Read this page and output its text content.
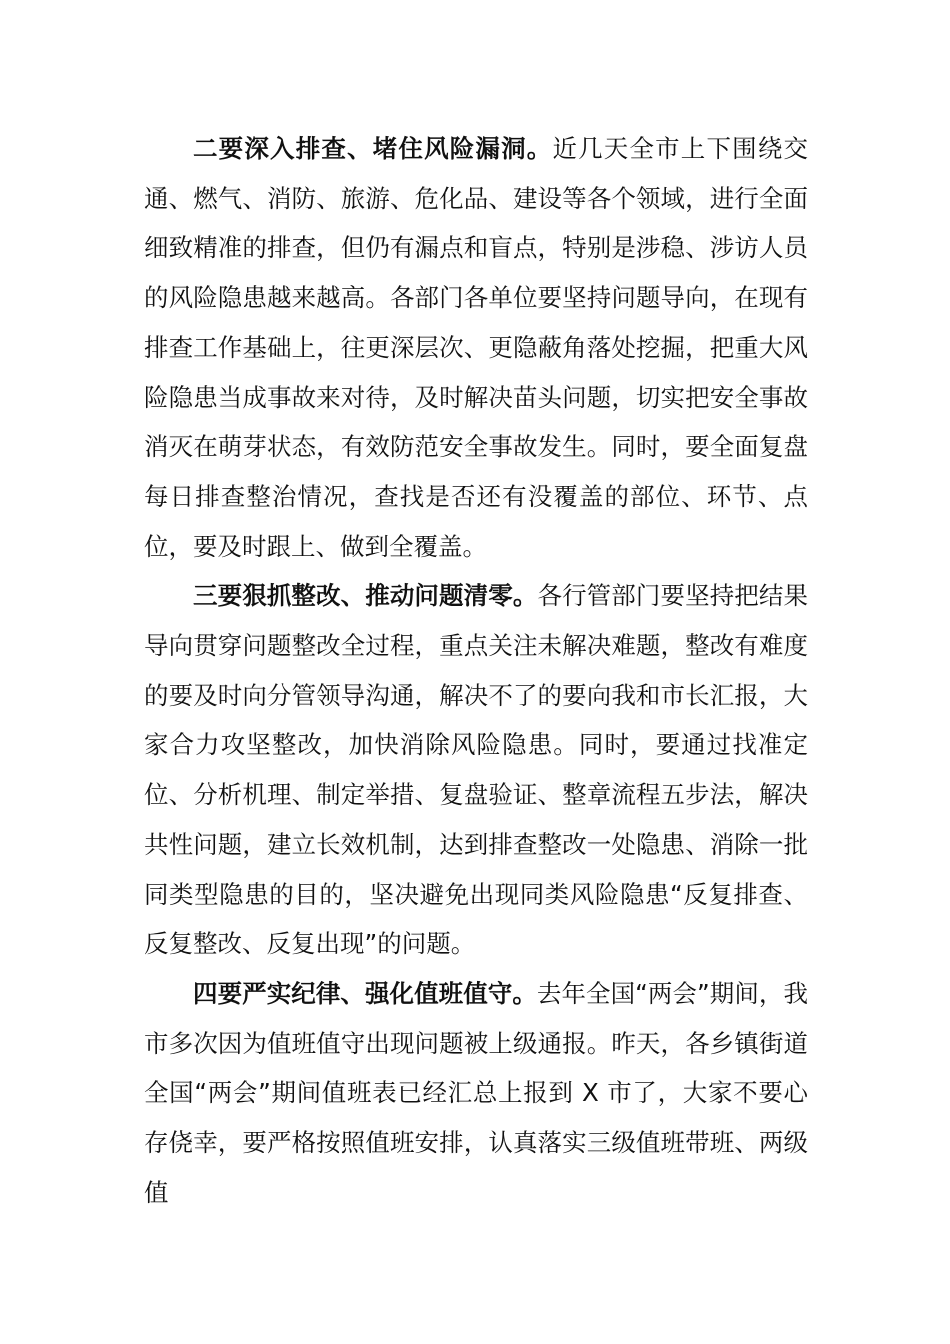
二要深入排查、堵住风险漏洞。近几天全市上下围绕交通、燃气、消防、旅游、危化品、建设等各个领域，进行全面细致精准的排查，但仍有漏点和盲点，特别是涉稳、涉访人员的风险隐患越来越高。各部门各单位要坚持问题导向，在现有排查工作基础上，往更深层次、更隐蔽角落处挖掘，把重大风险隐患当成事故来对待，及时解决苗头问题，切实把安全事故消灭在萌芽状态，有效防范安全事故发生。同时，要全面复盘每日排查整治情况，查找是否还有没覆盖的部位、环节、点位，要及时跟上、做到全覆盖。

三要狠抓整改、推动问题清零。各行管部门要坚持把结果导向贯穿问题整改全过程，重点关注未解决难题，整改有难度的要及时向分管领导沟通，解决不了的要向我和市长汇报，大家合力攻坚整改，加快消除风险隐患。同时，要通过找准定位、分析机理、制定举措、复盘验证、整章流程五步法，解决共性问题，建立长效机制，达到排查整改一处隐患、消除一批同类型隐患的目的，坚决避免出现同类风险隐患“反复排查、反复整改、反复出现”的问题。

四要严实纪律、强化值班值守。去年全国“两会”期间，我市多次因为值班值守出现问题被上级通报。昨天，各乡镇街道全国“两会”期间值班表已经汇总上报到 X 市了，大家不要心存侥幸，要严格按照值班安排，认真落实三级值班带班、两级值
